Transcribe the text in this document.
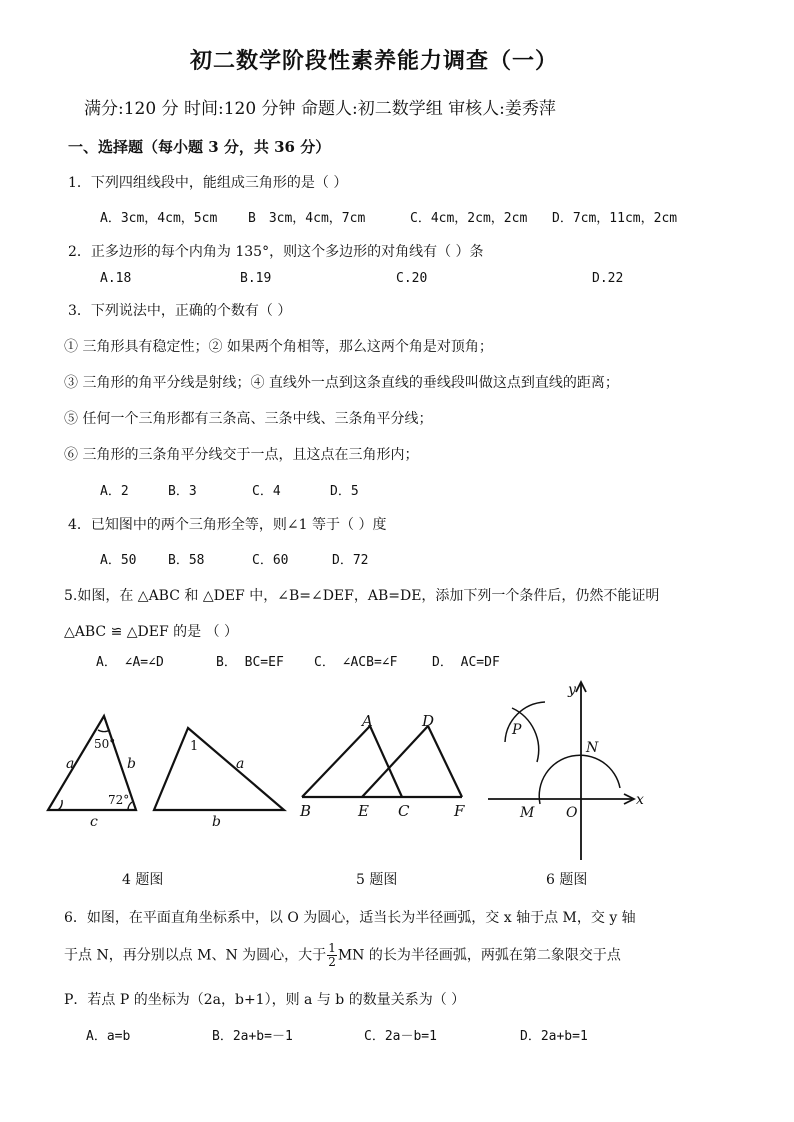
初二数学阶段性素养能力调查（一）
满分:120 分 时间:120 分钟 命题人:初二数学组 审核人:姜秀萍
一、选择题（每小题 3 分，共 36 分）
1．下列四组线段中，能组成三角形的是（ ）
A．3cm，4cm，5cm B　3cm，4cm，7cm	C．4cm，2cm，2cm D．7cm，11cm，2cm
2．正多边形的每个内角为 135°，则这个多边形的对角线有（ ）条
A.18	B.19	C.20	D.22
3．下列说法中，正确的个数有（ ）
① 三角形具有稳定性；② 如果两个角相等，那么这两个角是对顶角；
③ 三角形的角平分线是射线；④ 直线外一点到这条直线的垂线段叫做这点到直线的距离；
⑤ 任何一个三角形都有三条高、三条中线、三条角平分线；
⑥ 三角形的三条角平分线交于一点，且这点在三角形内；
A．2	B．3	C．4	D．5
4．已知图中的两个三角形全等，则∠1 等于（ ）度
A．50 B．58	C．60	D．72
5.如图，在 △ABC 和 △DEF 中，∠B=∠DEF，AB=DE，添加下列一个条件后，仍然不能证明
△ABC ≌ △DEF 的是 （ ）
A． ∠A=∠D	B． BC=EF C． ∠ACB=∠F	D． AC=DF
50°
72°
a	b
c
1
a
b
4 题图
A	D
B	E C	F
5 题图
y
x
O
M
N
P
6 题图
6．如图，在平面直角坐标系中，以 O 为圆心，适当长为半径画弧，交 x 轴于点 M，交 y 轴
于点 N，再分别以点 M、N 为圆心，大于 $\frac{1}{2}$ MN 的长为半径画弧，两弧在第二象限交于点
P．若点 P 的坐标为（2a，b+1），则 a 与 b 的数量关系为（ ）
A．a=b	B．2a+b=－1	C．2a－b=1	D．2a+b=1
